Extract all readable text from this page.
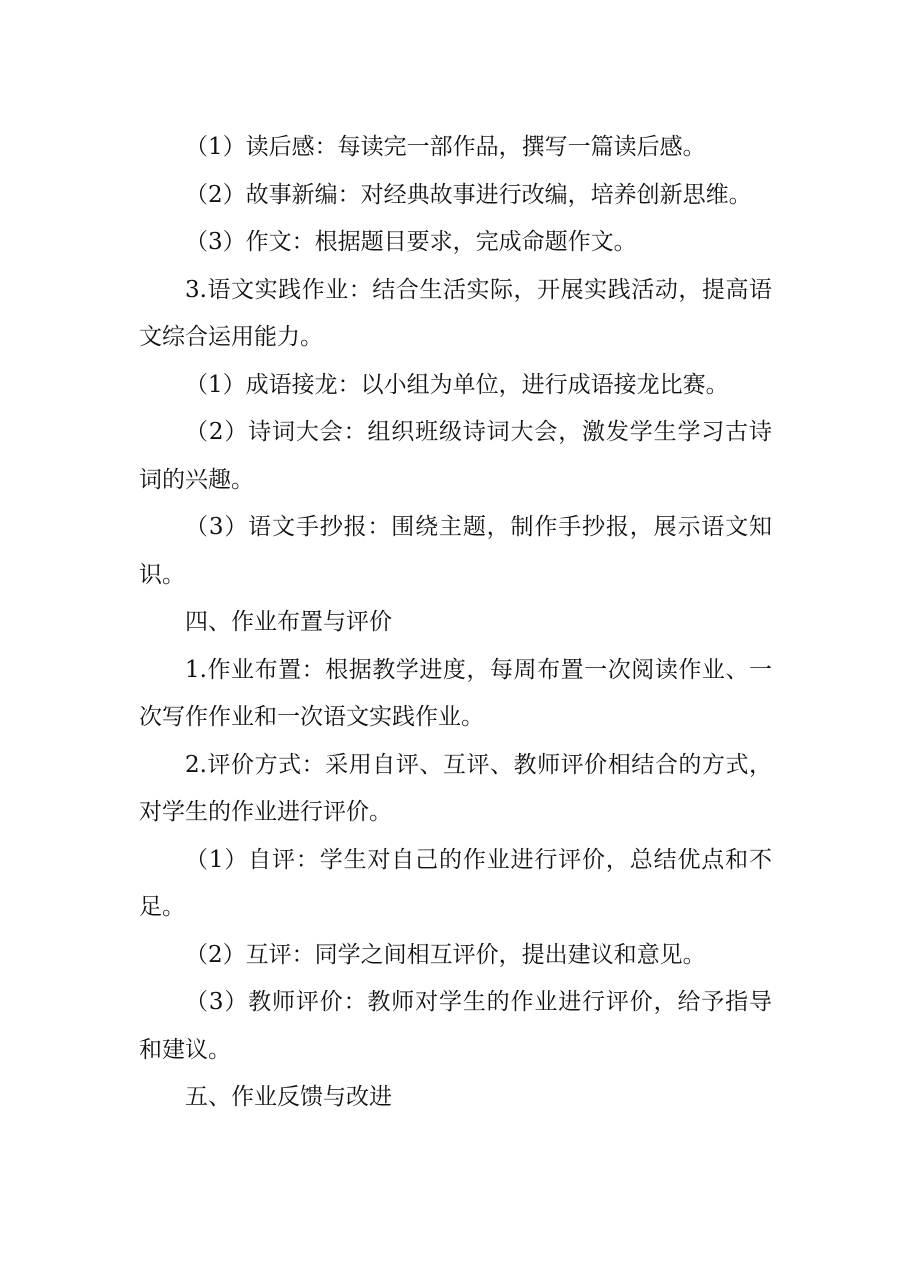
（1）读后感：每读完一部作品，撰写一篇读后感。

（2）故事新编：对经典故事进行改编，培养创新思维。

（3）作文：根据题目要求，完成命题作文。

3.语文实践作业：结合生活实际，开展实践活动，提高语文综合运用能力。

（1）成语接龙：以小组为单位，进行成语接龙比赛。

（2）诗词大会：组织班级诗词大会，激发学生学习古诗词的兴趣。

（3）语文手抄报：围绕主题，制作手抄报，展示语文知识。

四、作业布置与评价

1.作业布置：根据教学进度，每周布置一次阅读作业、一次写作作业和一次语文实践作业。

2.评价方式：采用自评、互评、教师评价相结合的方式，对学生的作业进行评价。

（1）自评：学生对自己的作业进行评价，总结优点和不足。

（2）互评：同学之间相互评价，提出建议和意见。

（3）教师评价：教师对学生的作业进行评价，给予指导和建议。

五、作业反馈与改进
